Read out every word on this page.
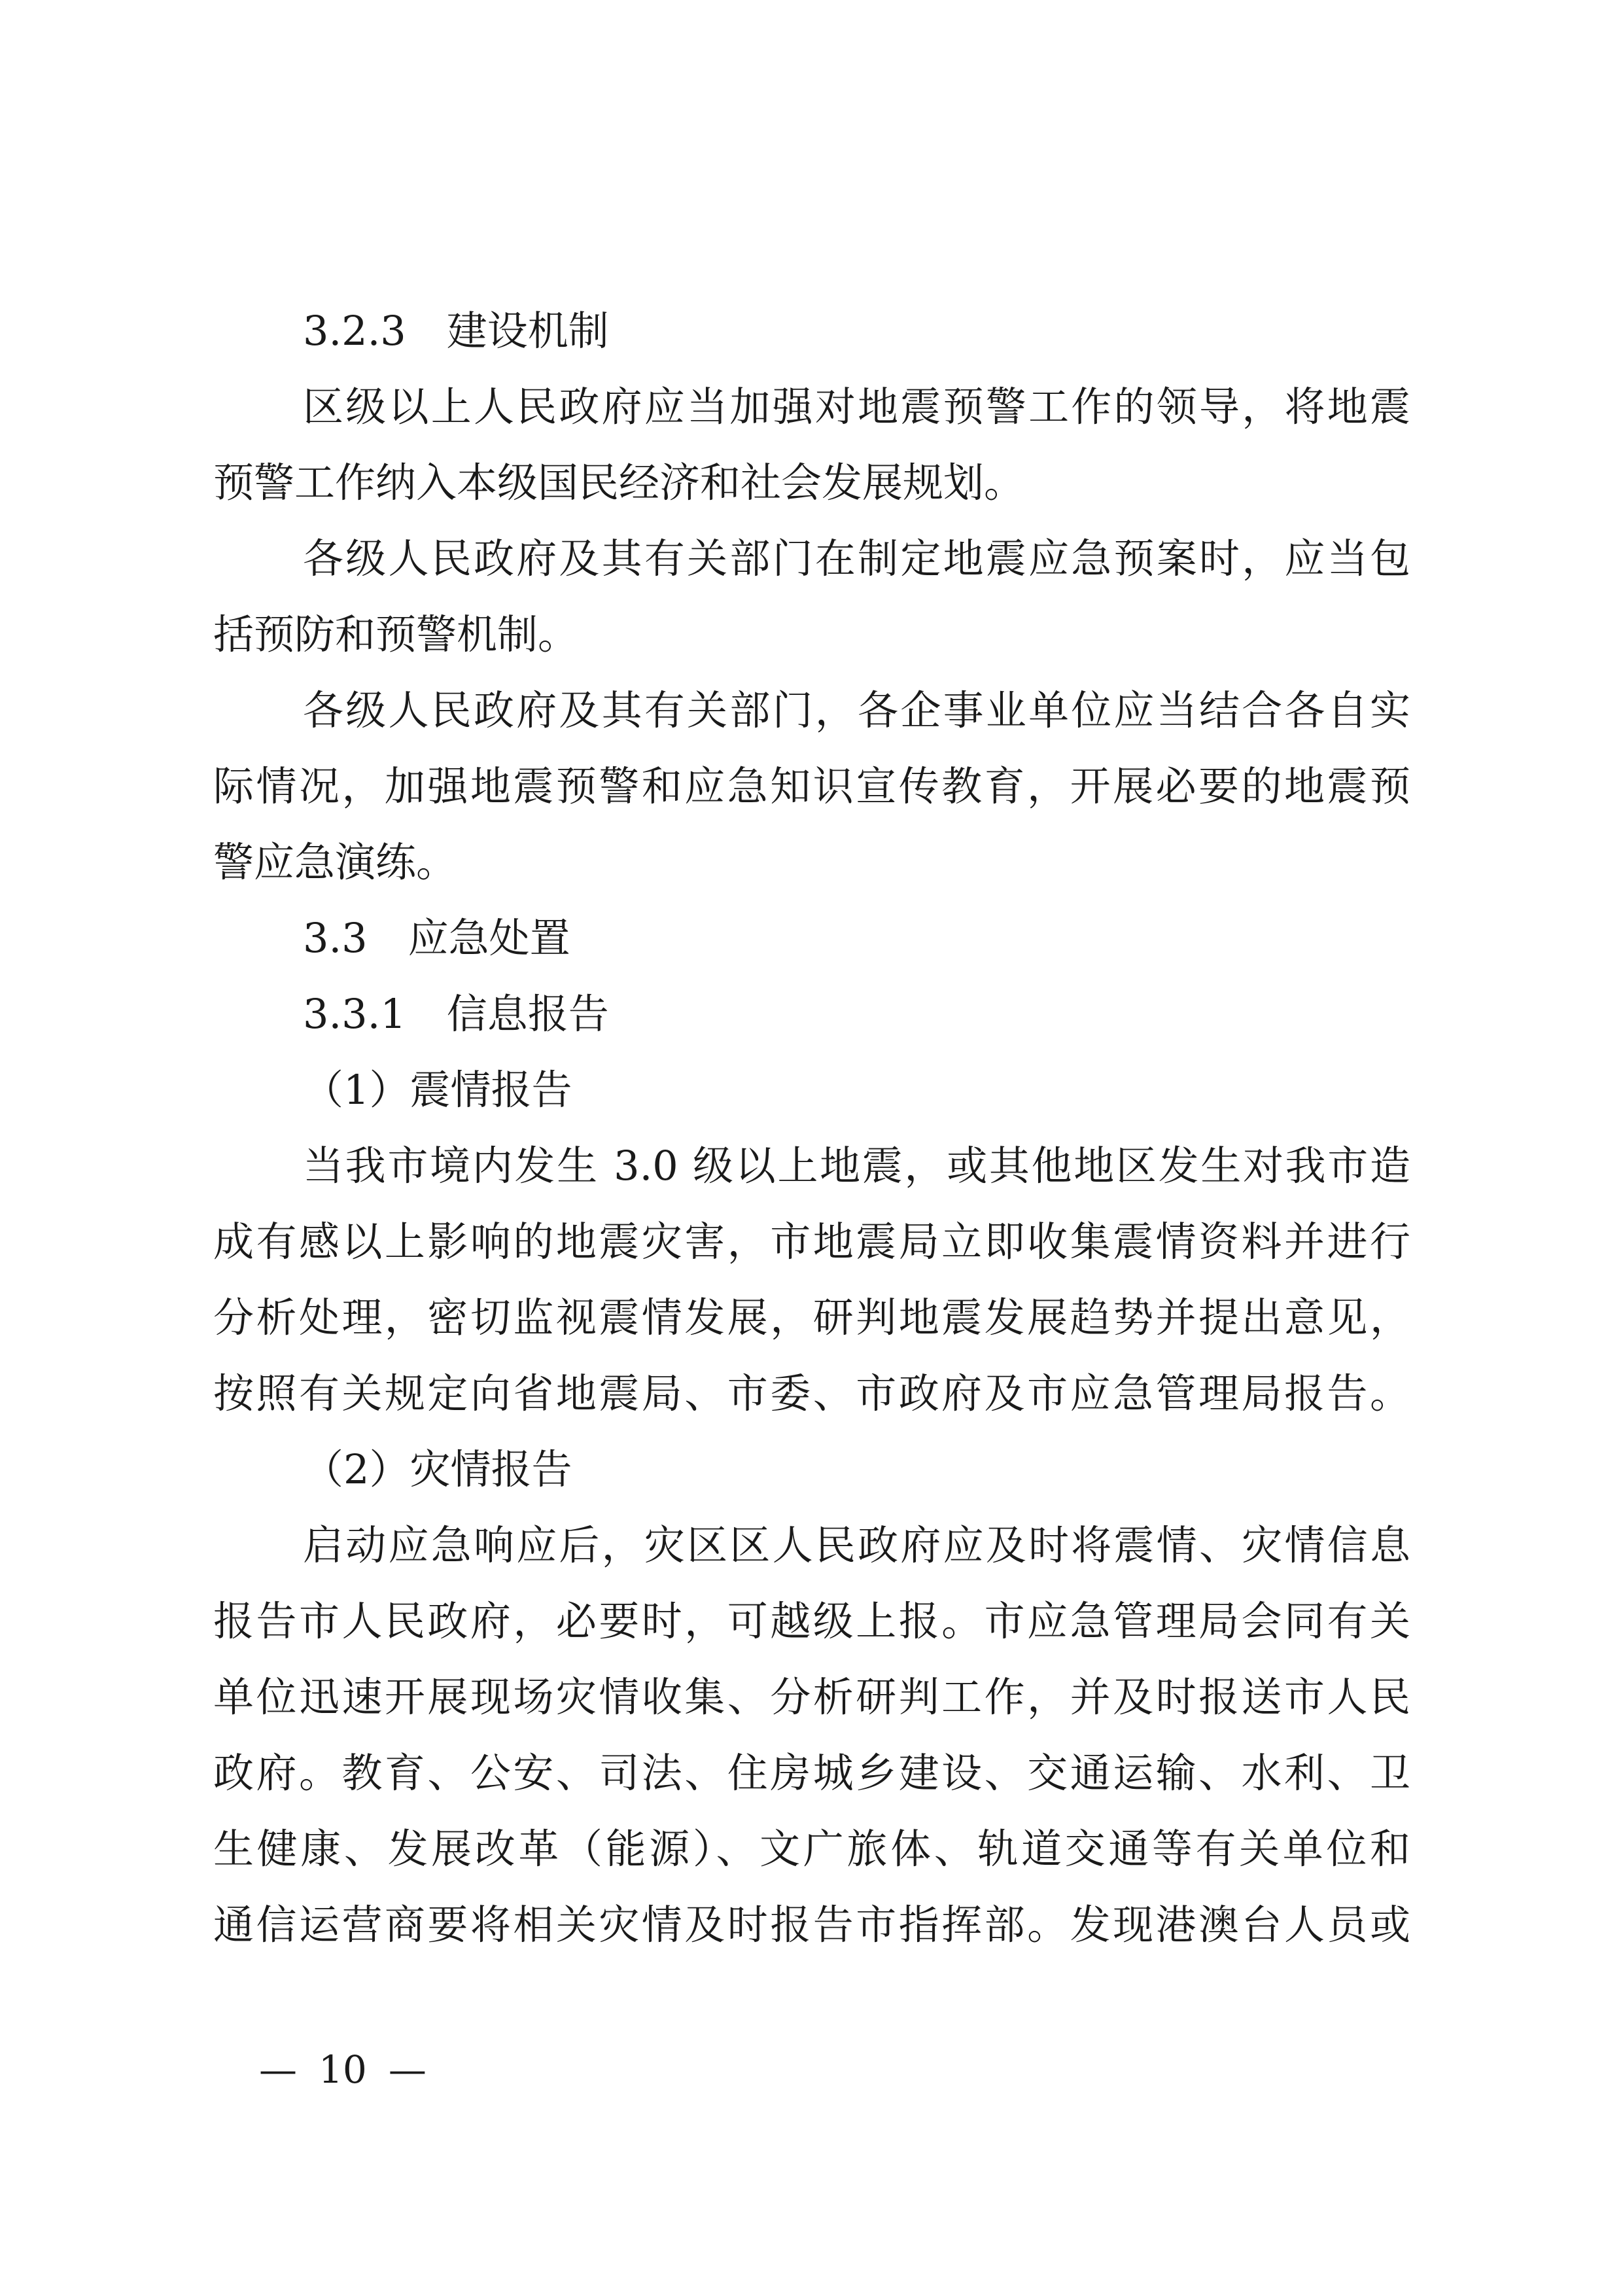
3.2.3　建设机制
区级以上人民政府应当加强对地震预警工作的领导，将地震
预警工作纳入本级国民经济和社会发展规划。
各级人民政府及其有关部门在制定地震应急预案时，应当包
括预防和预警机制。
各级人民政府及其有关部门，各企事业单位应当结合各自实
际情况，加强地震预警和应急知识宣传教育，开展必要的地震预
警应急演练。
3.3　应急处置
3.3.1　信息报告
（1）震情报告
当我市境内发生 3.0 级以上地震，或其他地区发生对我市造
成有感以上影响的地震灾害，市地震局立即收集震情资料并进行
分析处理，密切监视震情发展，研判地震发展趋势并提出意见，
按照有关规定向省地震局、市委、市政府及市应急管理局报告。
（2）灾情报告
启动应急响应后，灾区区人民政府应及时将震情、灾情信息
报告市人民政府，必要时，可越级上报。市应急管理局会同有关
单位迅速开展现场灾情收集、分析研判工作，并及时报送市人民
政府。教育、公安、司法、住房城乡建设、交通运输、水利、卫
生健康、发展改革（能源）、文广旅体、轨道交通等有关单位和
通信运营商要将相关灾情及时报告市指挥部。发现港澳台人员或
— 10 —
